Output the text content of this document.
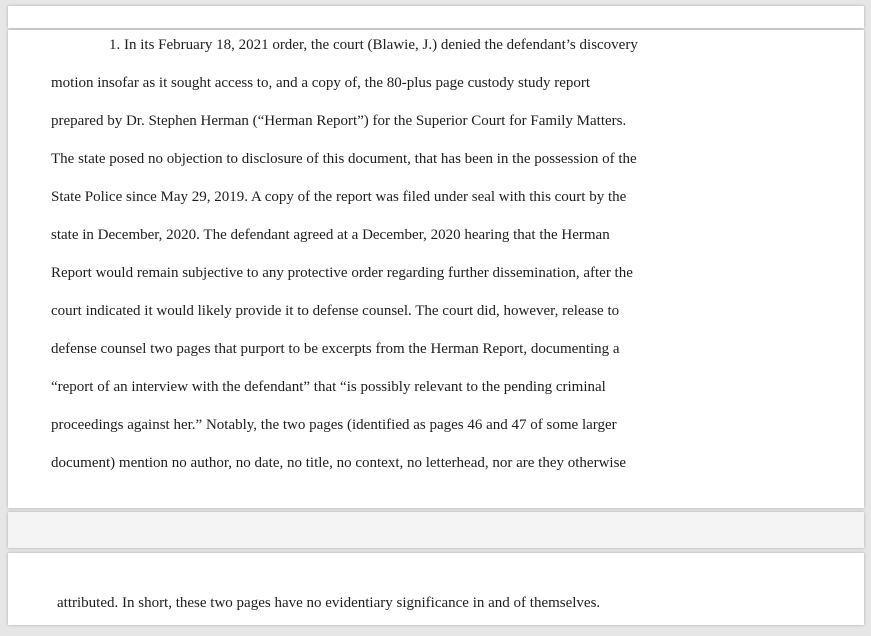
1. In its February 18, 2021 order, the court (Blawie, J.) denied the defendant’s discovery
motion insofar as it sought access to, and a copy of, the 80-plus page custody study report
prepared by Dr. Stephen Herman (“Herman Report”) for the Superior Court for Family Matters.
The state posed no objection to disclosure of this document, that has been in the possession of the
State Police since May 29, 2019. A copy of the report was filed under seal with this court by the
state in December, 2020. The defendant agreed at a December, 2020 hearing that the Herman
Report would remain subjective to any protective order regarding further dissemination, after the
court indicated it would likely provide it to defense counsel. The court did, however, release to
defense counsel two pages that purport to be excerpts from the Herman Report, documenting a
“report of an interview with the defendant” that “is possibly relevant to the pending criminal
proceedings against her.” Notably, the two pages (identified as pages 46 and 47 of some larger
document) mention no author, no date, no title, no context, no letterhead, nor are they otherwise
attributed. In short, these two pages have no evidentiary significance in and of themselves.
